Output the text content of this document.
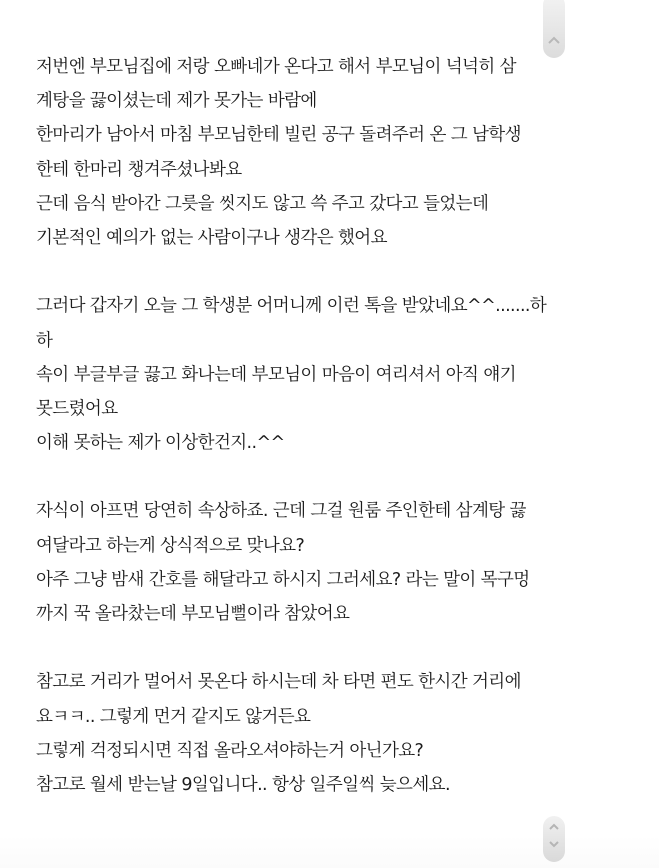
저번엔 부모님집에 저랑 오빠네가 온다고 해서 부모님이 넉넉히 삼
계탕을 끓이셨는데 제가 못가는 바람에
한마리가 남아서 마침 부모님한테 빌린 공구 돌려주러 온 그 남학생
한테 한마리 챙겨주셨나봐요
근데 음식 받아간 그릇을 씻지도 않고 쓱 주고 갔다고 들었는데
기본적인 예의가 없는 사람이구나 생각은 했어요
그러다 갑자기 오늘 그 학생분 어머니께 이런 톡을 받았네요^^.......하
하
속이 부글부글 끓고 화나는데 부모님이 마음이 여리셔서 아직 얘기
못드렸어요
이해 못하는 제가 이상한건지..^^
자식이 아프면 당연히 속상하죠. 근데 그걸 원룸 주인한테 삼계탕 끓
여달라고 하는게 상식적으로 맞나요?
아주 그냥 밤새 간호를 해달라고 하시지 그러세요? 라는 말이 목구멍
까지 꾹 올라찼는데 부모님뻘이라 참았어요
참고로 거리가 멀어서 못온다 하시는데 차 타면 편도 한시간 거리에
요ㅋㅋ.. 그렇게 먼거 같지도 않거든요
그렇게 걱정되시면 직접 올라오셔야하는거 아닌가요?
참고로 월세 받는날 9일입니다.. 항상 일주일씩 늦으세요.
